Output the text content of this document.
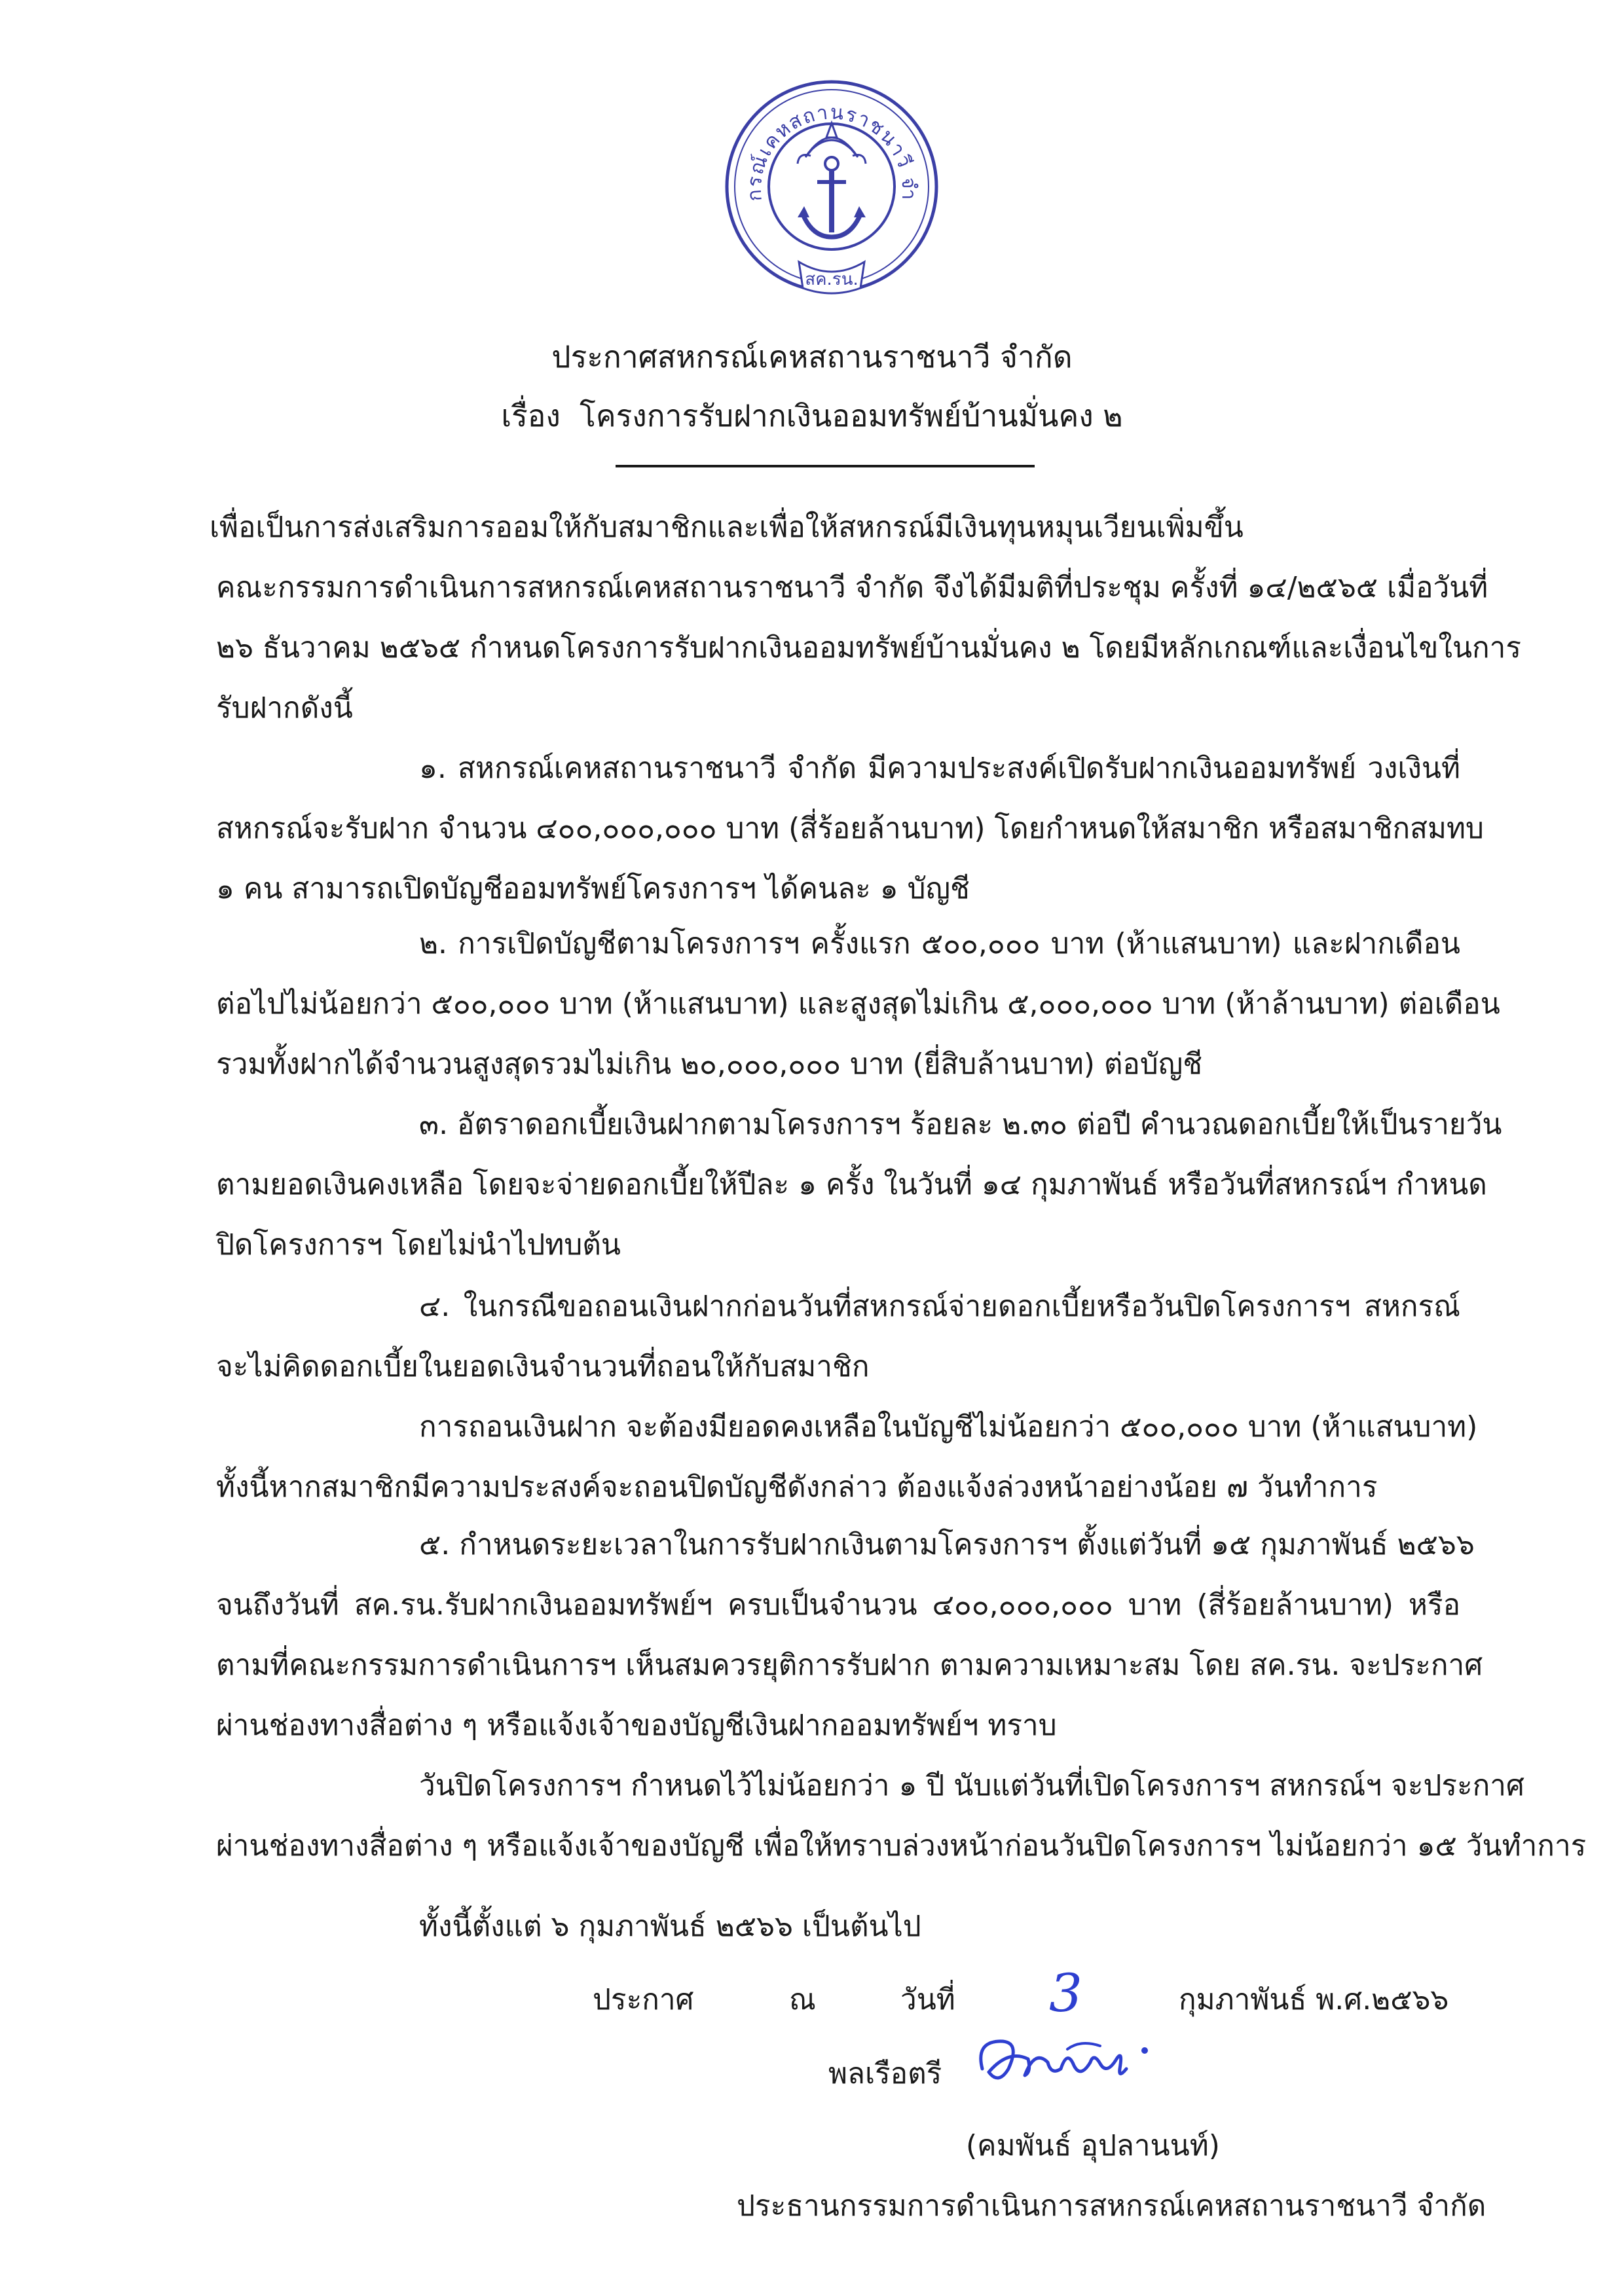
กรณ์เคหสถานราชนาวี จำ
สค.รน.
ประกาศสหกรณ์เคหสถานราชนาวี จำกัด
เรื่อง โครงการรับฝากเงินออมทรัพย์บ้านมั่นคง ๒
เพื่อเป็นการส่งเสริมการออมให้กับสมาชิกและเพื่อให้สหกรณ์มีเงินทุนหมุนเวียนเพิ่มขึ้น
คณะกรรมการดำเนินการสหกรณ์เคหสถานราชนาวี จำกัด จึงได้มีมติที่ประชุม ครั้งที่ ๑๔/๒๕๖๕ เมื่อวันที่
๒๖ ธันวาคม ๒๕๖๕ กำหนดโครงการรับฝากเงินออมทรัพย์บ้านมั่นคง ๒ โดยมีหลักเกณฑ์และเงื่อนไขในการ
รับฝากดังนี้
๑. สหกรณ์เคหสถานราชนาวี จำกัด มีความประสงค์เปิดรับฝากเงินออมทรัพย์ วงเงินที่
สหกรณ์จะรับฝาก จำนวน ๔๐๐,๐๐๐,๐๐๐ บาท (สี่ร้อยล้านบาท) โดยกำหนดให้สมาชิก หรือสมาชิกสมทบ
๑ คน สามารถเปิดบัญชีออมทรัพย์โครงการฯ ได้คนละ ๑ บัญชี
๒. การเปิดบัญชีตามโครงการฯ ครั้งแรก ๕๐๐,๐๐๐ บาท (ห้าแสนบาท) และฝากเดือน
ต่อไปไม่น้อยกว่า ๕๐๐,๐๐๐ บาท (ห้าแสนบาท) และสูงสุดไม่เกิน ๕,๐๐๐,๐๐๐ บาท (ห้าล้านบาท) ต่อเดือน
รวมทั้งฝากได้จำนวนสูงสุดรวมไม่เกิน ๒๐,๐๐๐,๐๐๐ บาท (ยี่สิบล้านบาท) ต่อบัญชี
๓. อัตราดอกเบี้ยเงินฝากตามโครงการฯ ร้อยละ ๒.๓๐ ต่อปี คำนวณดอกเบี้ยให้เป็นรายวัน
ตามยอดเงินคงเหลือ โดยจะจ่ายดอกเบี้ยให้ปีละ ๑ ครั้ง ในวันที่ ๑๔ กุมภาพันธ์ หรือวันที่สหกรณ์ฯ กำหนด
ปิดโครงการฯ โดยไม่นำไปทบต้น
๔. ในกรณีขอถอนเงินฝากก่อนวันที่สหกรณ์จ่ายดอกเบี้ยหรือวันปิดโครงการฯ สหกรณ์
จะไม่คิดดอกเบี้ยในยอดเงินจำนวนที่ถอนให้กับสมาชิก
การถอนเงินฝาก จะต้องมียอดคงเหลือในบัญชีไม่น้อยกว่า ๕๐๐,๐๐๐ บาท (ห้าแสนบาท)
ทั้งนี้หากสมาชิกมีความประสงค์จะถอนปิดบัญชีดังกล่าว ต้องแจ้งล่วงหน้าอย่างน้อย ๗ วันทำการ
๕. กำหนดระยะเวลาในการรับฝากเงินตามโครงการฯ ตั้งแต่วันที่ ๑๕ กุมภาพันธ์ ๒๕๖๖
จนถึงวันที่ สค.รน.รับฝากเงินออมทรัพย์ฯ ครบเป็นจำนวน ๔๐๐,๐๐๐,๐๐๐ บาท (สี่ร้อยล้านบาท) หรือ
ตามที่คณะกรรมการดำเนินการฯ เห็นสมควรยุติการรับฝาก ตามความเหมาะสม โดย สค.รน. จะประกาศ
ผ่านช่องทางสื่อต่าง ๆ หรือแจ้งเจ้าของบัญชีเงินฝากออมทรัพย์ฯ ทราบ
วันปิดโครงการฯ กำหนดไว้ไม่น้อยกว่า ๑ ปี นับแต่วันที่เปิดโครงการฯ สหกรณ์ฯ จะประกาศ
ผ่านช่องทางสื่อต่าง ๆ หรือแจ้งเจ้าของบัญชี เพื่อให้ทราบล่วงหน้าก่อนวันปิดโครงการฯ ไม่น้อยกว่า ๑๕ วันทำการ
ทั้งนี้ตั้งแต่ ๖ กุมภาพันธ์ ๒๕๖๖ เป็นต้นไป
ประกาศ	ณ	วันที่ 3	กุมภาพันธ์ พ.ศ.๒๕๖๖
พลเรือตรี
(คมพันธ์ อุปลานนท์)
ประธานกรรมการดำเนินการสหกรณ์เคหสถานราชนาวี จำกัด
